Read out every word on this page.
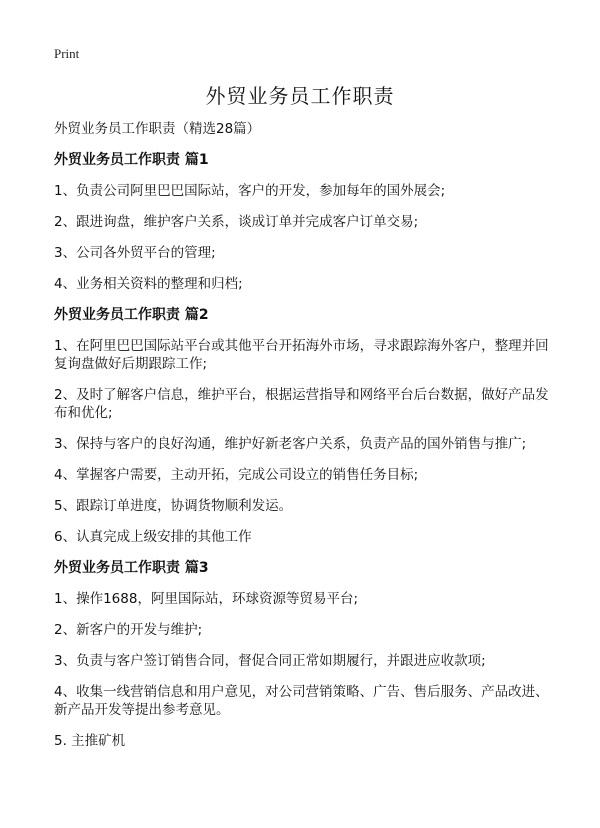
Print
外贸业务员工作职责
外贸业务员工作职责（精选28篇）
外贸业务员工作职责 篇1
1、负责公司阿里巴巴国际站，客户的开发，参加每年的国外展会;
2、跟进询盘，维护客户关系，谈成订单并完成客户订单交易;
3、公司各外贸平台的管理;
4、业务相关资料的整理和归档;
外贸业务员工作职责 篇2
1、在阿里巴巴国际站平台或其他平台开拓海外市场，寻求跟踪海外客户，整理并回复询盘做好后期跟踪工作;
2、及时了解客户信息，维护平台，根据运营指导和网络平台后台数据，做好产品发布和优化;
3、保持与客户的良好沟通，维护好新老客户关系，负责产品的国外销售与推广;
4、掌握客户需要，主动开拓，完成公司设立的销售任务目标;
5、跟踪订单进度，协调货物顺利发运。
6、认真完成上级安排的其他工作
外贸业务员工作职责 篇3
1、操作1688，阿里国际站，环球资源等贸易平台;
2、新客户的开发与维护;
3、负责与客户签订销售合同，督促合同正常如期履行，并跟进应收款项;
4、收集一线营销信息和用户意见，对公司营销策略、广告、售后服务、产品改进、新产品开发等提出参考意见。
5. 主推矿机
